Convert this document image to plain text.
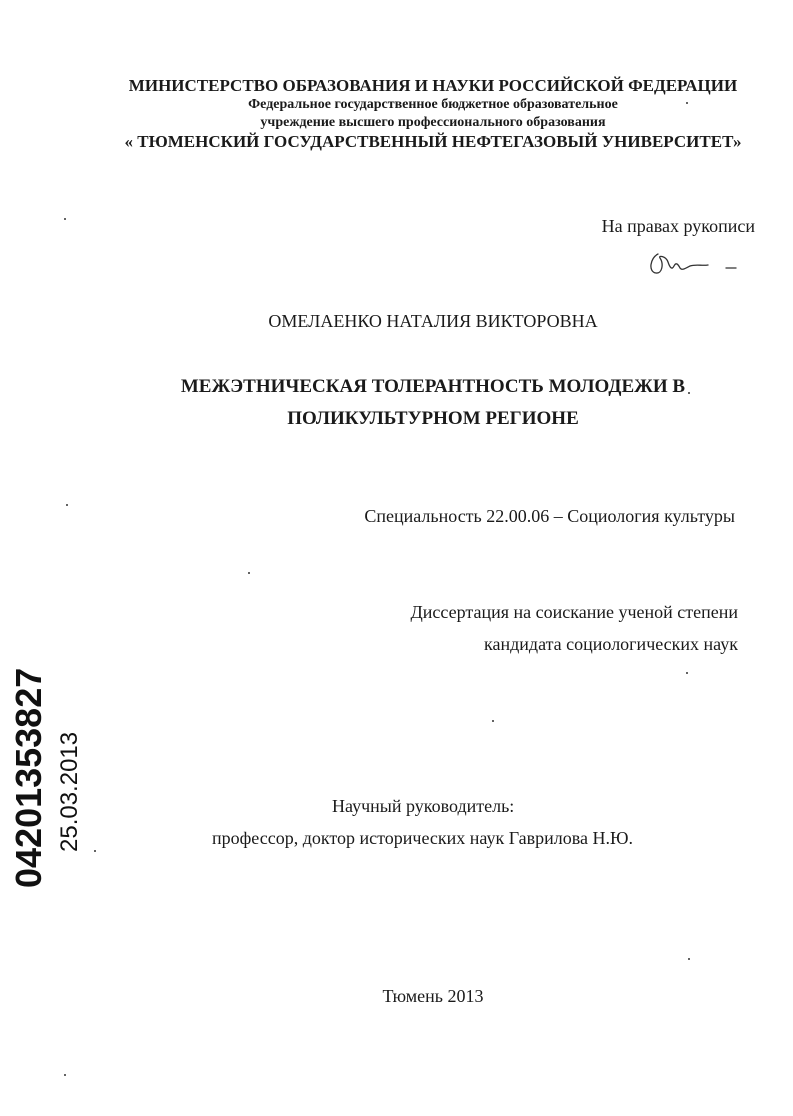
МИНИСТЕРСТВО ОБРАЗОВАНИЯ И НАУКИ РОССИЙСКОЙ ФЕДЕРАЦИИ
Федеральное государственное бюджетное образовательное
учреждение высшего профессионального образования
« ТЮМЕНСКИЙ ГОСУДАРСТВЕННЫЙ НЕФТЕГАЗОВЫЙ УНИВЕРСИТЕТ»
На правах рукописи
ОМЕЛАЕНКО НАТАЛИЯ ВИКТОРОВНА
МЕЖЭТНИЧЕСКАЯ ТОЛЕРАНТНОСТЬ МОЛОДЕЖИ В
ПОЛИКУЛЬТУРНОМ РЕГИОНЕ
Специальность 22.00.06 – Социология культуры
Диссертация на соискание ученой степени
кандидата социологических наук
Научный руководитель:
профессор, доктор исторических наук Гаврилова Н.Ю.
Тюмень 2013
04201353827 25.03.2013
